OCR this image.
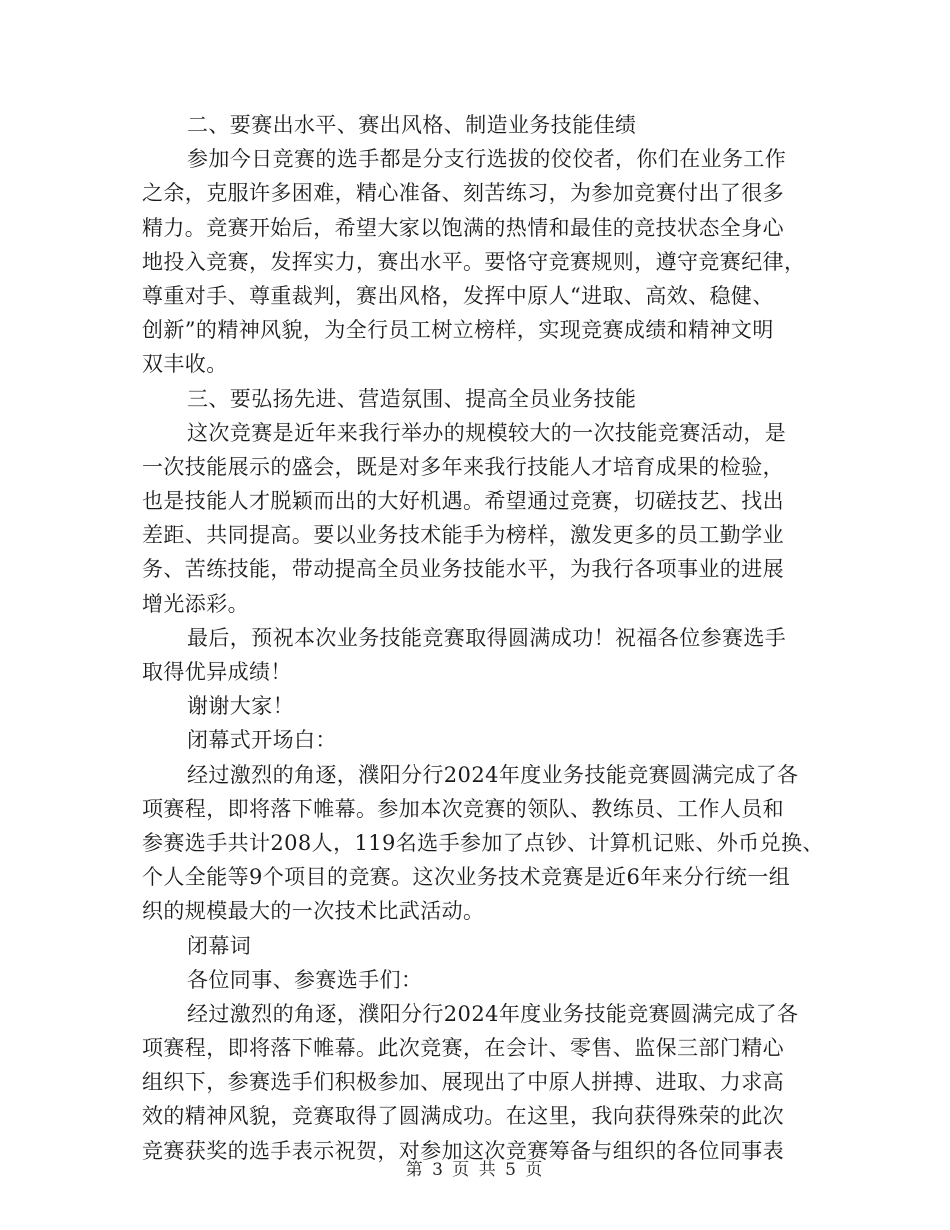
二、要赛出水平、赛出风格、制造业务技能佳绩
参加今日竞赛的选手都是分支行选拔的佼佼者，你们在业务工作
之余，克服许多困难，精心准备、刻苦练习，为参加竞赛付出了很多
精力。竞赛开始后，希望大家以饱满的热情和最佳的竞技状态全身心
地投入竞赛，发挥实力，赛出水平。要恪守竞赛规则，遵守竞赛纪律，
尊重对手、尊重裁判，赛出风格，发挥中原人“进取、高效、稳健、
创新”的精神风貌，为全行员工树立榜样，实现竞赛成绩和精神文明
双丰收。
三、要弘扬先进、营造氛围、提高全员业务技能
这次竞赛是近年来我行举办的规模较大的一次技能竞赛活动，是
一次技能展示的盛会，既是对多年来我行技能人才培育成果的检验，
也是技能人才脱颖而出的大好机遇。希望通过竞赛，切磋技艺、找出
差距、共同提高。要以业务技术能手为榜样，激发更多的员工勤学业
务、苦练技能，带动提高全员业务技能水平，为我行各项事业的进展
增光添彩。
最后，预祝本次业务技能竞赛取得圆满成功！祝福各位参赛选手
取得优异成绩！
谢谢大家！
闭幕式开场白：
经过激烈的角逐，濮阳分行2024年度业务技能竞赛圆满完成了各
项赛程，即将落下帷幕。参加本次竞赛的领队、教练员、工作人员和
参赛选手共计208人，119名选手参加了点钞、计算机记账、外币兑换、
个人全能等9个项目的竞赛。这次业务技术竞赛是近6年来分行统一组
织的规模最大的一次技术比武活动。
闭幕词
各位同事、参赛选手们：
经过激烈的角逐，濮阳分行2024年度业务技能竞赛圆满完成了各
项赛程，即将落下帷幕。此次竞赛，在会计、零售、监保三部门精心
组织下，参赛选手们积极参加、展现出了中原人拼搏、进取、力求高
效的精神风貌，竞赛取得了圆满成功。在这里，我向获得殊荣的此次
竞赛获奖的选手表示祝贺，对参加这次竞赛筹备与组织的各位同事表
第 3 页 共 5 页
